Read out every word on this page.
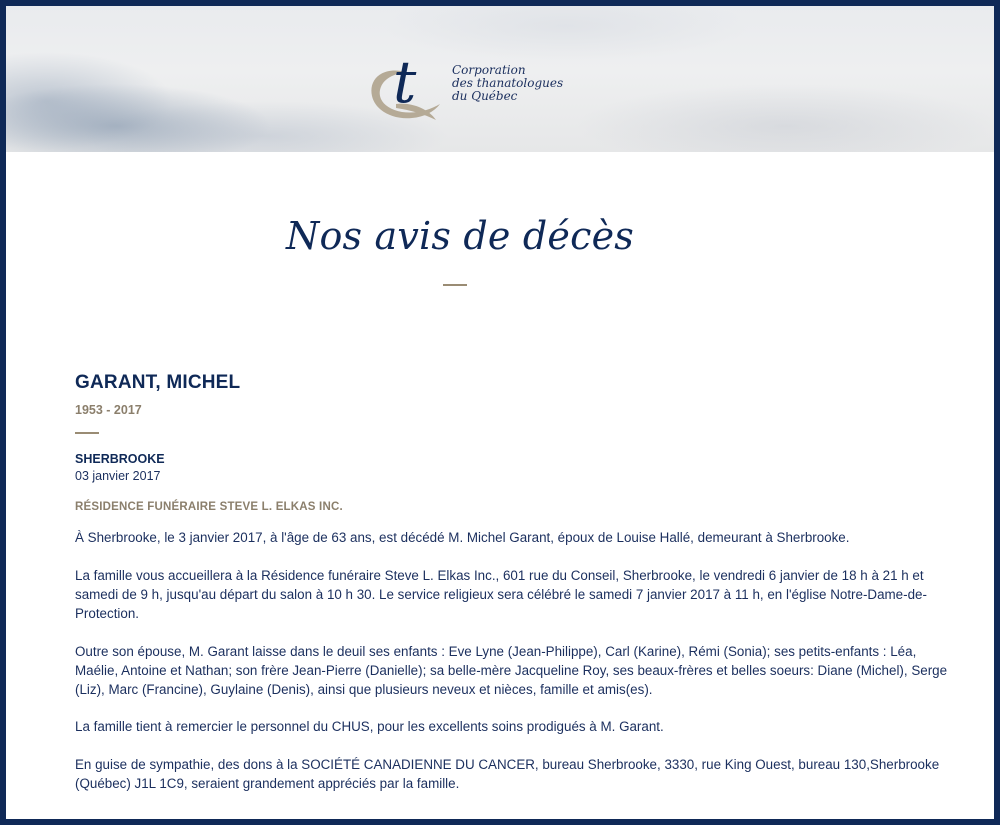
t	Corporation
des thanatologues
du Québec
Nos avis de décès
GARANT, MICHEL
1953 - 2017
SHERBROOKE
03 janvier 2017
RÉSIDENCE FUNÉRAIRE STEVE L. ELKAS INC.

À Sherbrooke, le 3 janvier 2017, à l'âge de 63 ans, est décédé M. Michel Garant, époux de Louise Hallé, demeurant à Sherbrooke.

La famille vous accueillera à la Résidence funéraire Steve L. Elkas Inc., 601 rue du Conseil, Sherbrooke, le vendredi 6 janvier de 18 h à 21 h et samedi de 9 h, jusqu'au départ du salon à 10 h 30. Le service religieux sera célébré le samedi 7 janvier 2017 à 11 h, en l'église Notre-Dame-de-Protection.

Outre son épouse, M. Garant laisse dans le deuil ses enfants : Eve Lyne (Jean-Philippe), Carl (Karine), Rémi (Sonia); ses petits-enfants : Léa, Maélie, Antoine et Nathan; son frère Jean-Pierre (Danielle); sa belle-mère Jacqueline Roy, ses beaux-frères et belles soeurs: Diane (Michel), Serge (Liz), Marc (Francine), Guylaine (Denis), ainsi que plusieurs neveux et nièces, famille et amis(es).

La famille tient à remercier le personnel du CHUS, pour les excellents soins prodigués à M. Garant.

En guise de sympathie, des dons à la SOCIÉTÉ CANADIENNE DU CANCER, bureau Sherbrooke, 3330, rue King Ouest, bureau 130,Sherbrooke (Québec) J1L 1C9, seraient grandement appréciés par la famille.
